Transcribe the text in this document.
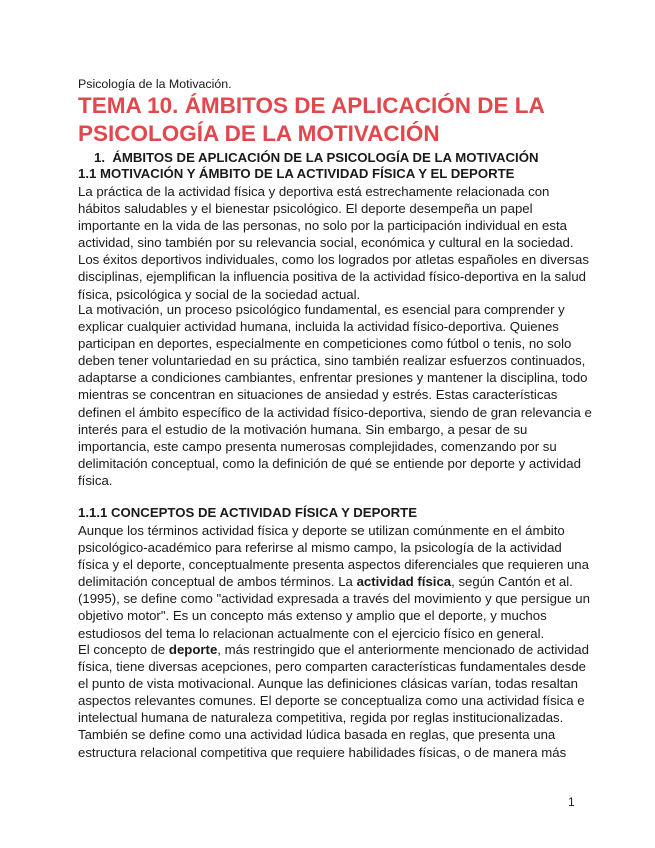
Psicología de la Motivación.
TEMA 10. ÁMBITOS DE APLICACIÓN DE LA
PSICOLOGÍA DE LA MOTIVACIÓN
1. ÁMBITOS DE APLICACIÓN DE LA PSICOLOGÍA DE LA MOTIVACIÓN
1.1 MOTIVACIÓN Y ÁMBITO DE LA ACTIVIDAD FÍSICA Y EL DEPORTE

La práctica de la actividad física y deportiva está estrechamente relacionada con
hábitos saludables y el bienestar psicológico. El deporte desempeña un papel
importante en la vida de las personas, no solo por la participación individual en esta
actividad, sino también por su relevancia social, económica y cultural en la sociedad.
Los éxitos deportivos individuales, como los logrados por atletas españoles en diversas
disciplinas, ejemplifican la influencia positiva de la actividad físico-deportiva en la salud
física, psicológica y social de la sociedad actual.

La motivación, un proceso psicológico fundamental, es esencial para comprender y
explicar cualquier actividad humana, incluida la actividad físico-deportiva. Quienes
participan en deportes, especialmente en competiciones como fútbol o tenis, no solo
deben tener voluntariedad en su práctica, sino también realizar esfuerzos continuados,
adaptarse a condiciones cambiantes, enfrentar presiones y mantener la disciplina, todo
mientras se concentran en situaciones de ansiedad y estrés. Estas características
definen el ámbito específico de la actividad físico-deportiva, siendo de gran relevancia e
interés para el estudio de la motivación humana. Sin embargo, a pesar de su
importancia, este campo presenta numerosas complejidades, comenzando por su
delimitación conceptual, como la definición de qué se entiende por deporte y actividad
física.

1.1.1 CONCEPTOS DE ACTIVIDAD FÍSICA Y DEPORTE

Aunque los términos actividad física y deporte se utilizan comúnmente en el ámbito
psicológico-académico para referirse al mismo campo, la psicología de la actividad
física y el deporte, conceptualmente presenta aspectos diferenciales que requieren una
delimitación conceptual de ambos términos. La actividad física, según Cantón et al.
(1995), se define como "actividad expresada a través del movimiento y que persigue un
objetivo motor". Es un concepto más extenso y amplio que el deporte, y muchos
estudiosos del tema lo relacionan actualmente con el ejercicio físico en general.

El concepto de deporte, más restringido que el anteriormente mencionado de actividad
física, tiene diversas acepciones, pero comparten características fundamentales desde
el punto de vista motivacional. Aunque las definiciones clásicas varían, todas resaltan
aspectos relevantes comunes. El deporte se conceptualiza como una actividad física e
intelectual humana de naturaleza competitiva, regida por reglas institucionalizadas.
También se define como una actividad lúdica basada en reglas, que presenta una
estructura relacional competitiva que requiere habilidades físicas, o de manera más

1
